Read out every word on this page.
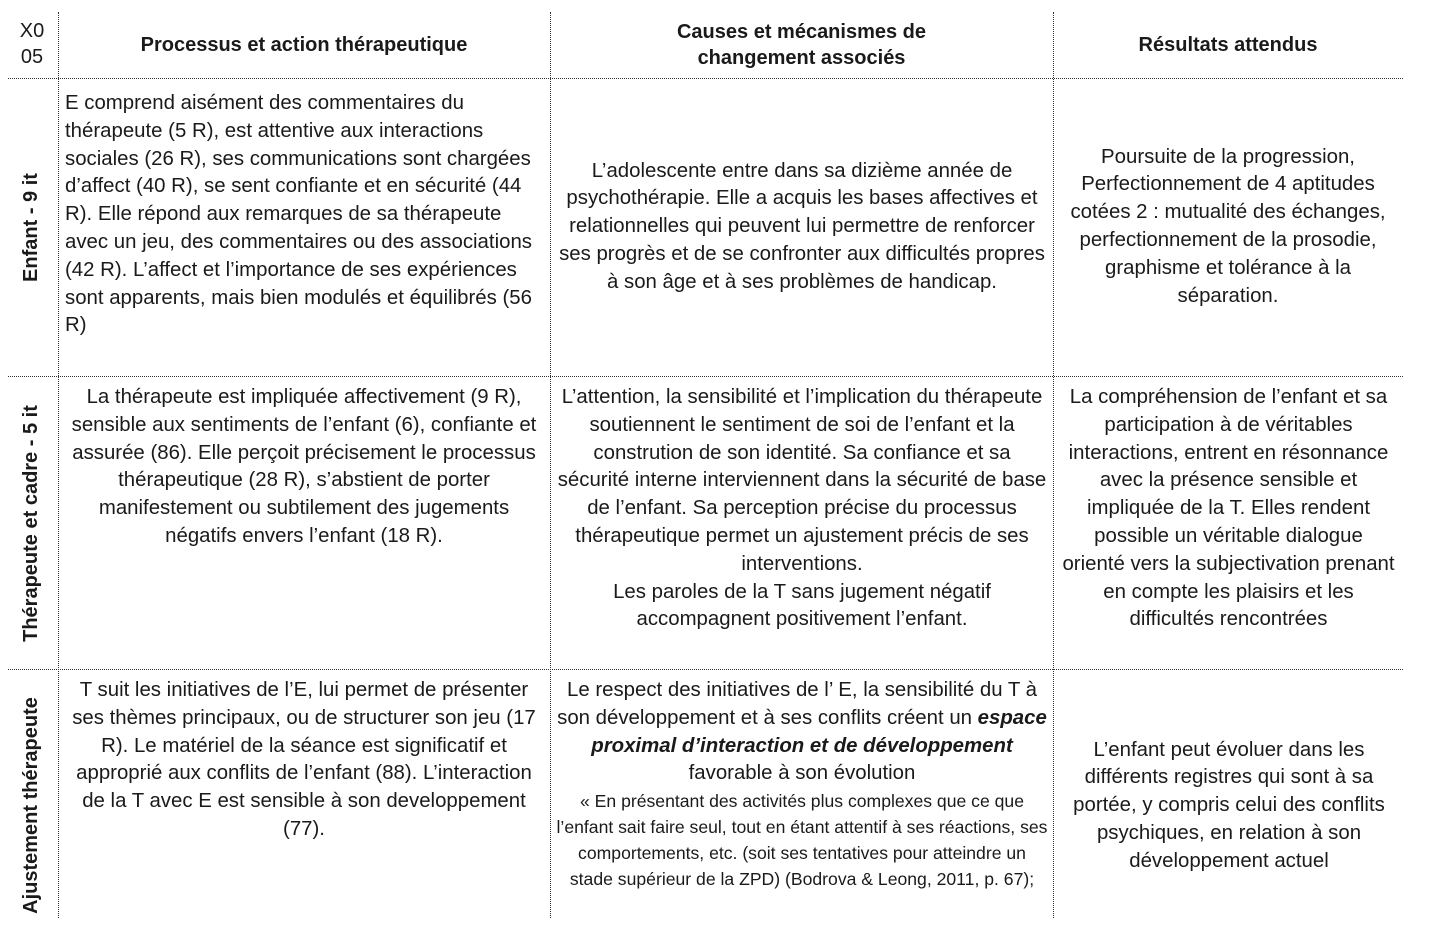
X0
05
Processus et action thérapeutique
Causes et mécanismes de
changement associés
Résultats attendus
Enfant - 9 it
E comprend aisément des commentaires du thérapeute (5 R), est attentive aux interactions sociales (26 R), ses communications sont chargées d’affect (40 R), se sent confiante et en sécurité (44 R). Elle répond aux remarques de sa thérapeute avec un jeu, des commentaires ou des associations (42 R). L’affect et l’importance de ses expériences sont apparents, mais bien modulés et équilibrés (56 R)
L’adolescente entre dans sa dizième année de psychothérapie. Elle a acquis les bases affectives et relationnelles qui peuvent lui permettre de renforcer ses progrès et de se confronter aux difficultés propres à son âge et à ses problèmes de handicap.
Poursuite de la progression, Perfectionnement de 4 aptitudes cotées 2 : mutualité des échanges, perfectionnement de la prosodie, graphisme et tolérance à la séparation.
Thérapeute et cadre - 5 it
La thérapeute est impliquée affectivement (9 R), sensible aux sentiments de l’enfant (6), confiante et assurée (86). Elle perçoit précisement le processus thérapeutique (28 R), s’abstient de porter manifestement ou subtilement des jugements négatifs envers l’enfant (18 R).
L’attention, la sensibilité et l’implication du thérapeute soutiennent le sentiment de soi de l’enfant et la constrution de son identité. Sa confiance et sa sécurité interne interviennent dans la sécurité de base de l’enfant. Sa perception précise du processus thérapeutique permet un ajustement précis de ses interventions.
Les paroles de la T sans jugement négatif accompagnent positivement l’enfant.
La compréhension de l’enfant et sa participation à de véritables interactions, entrent en résonnance avec la présence sensible et impliquée de la T. Elles rendent possible un véritable dialogue orienté vers la subjectivation prenant en compte les plaisirs et les difficultés rencontrées
Ajustement thérapeute
T suit les initiatives de l’E, lui permet de présenter ses thèmes principaux, ou de structurer son jeu (17 R). Le matériel de la séance est significatif et approprié aux conflits de l’enfant (88). L’interaction de la T avec E est sensible à son developpement (77).
Le respect des initiatives de l’ E, la sensibilité du T à son développement et à ses conflits créent un espace proximal d’interaction et de développement favorable à son évolution
« En présentant des activités plus complexes que ce que l’enfant sait faire seul, tout en étant attentif à ses réactions, ses comportements, etc. (soit ses tentatives pour atteindre un stade supérieur de la ZPD) (Bodrova & Leong, 2011, p. 67);
L’enfant peut évoluer dans les différents registres qui sont à sa portée, y compris celui des conflits psychiques, en relation à son développement actuel
